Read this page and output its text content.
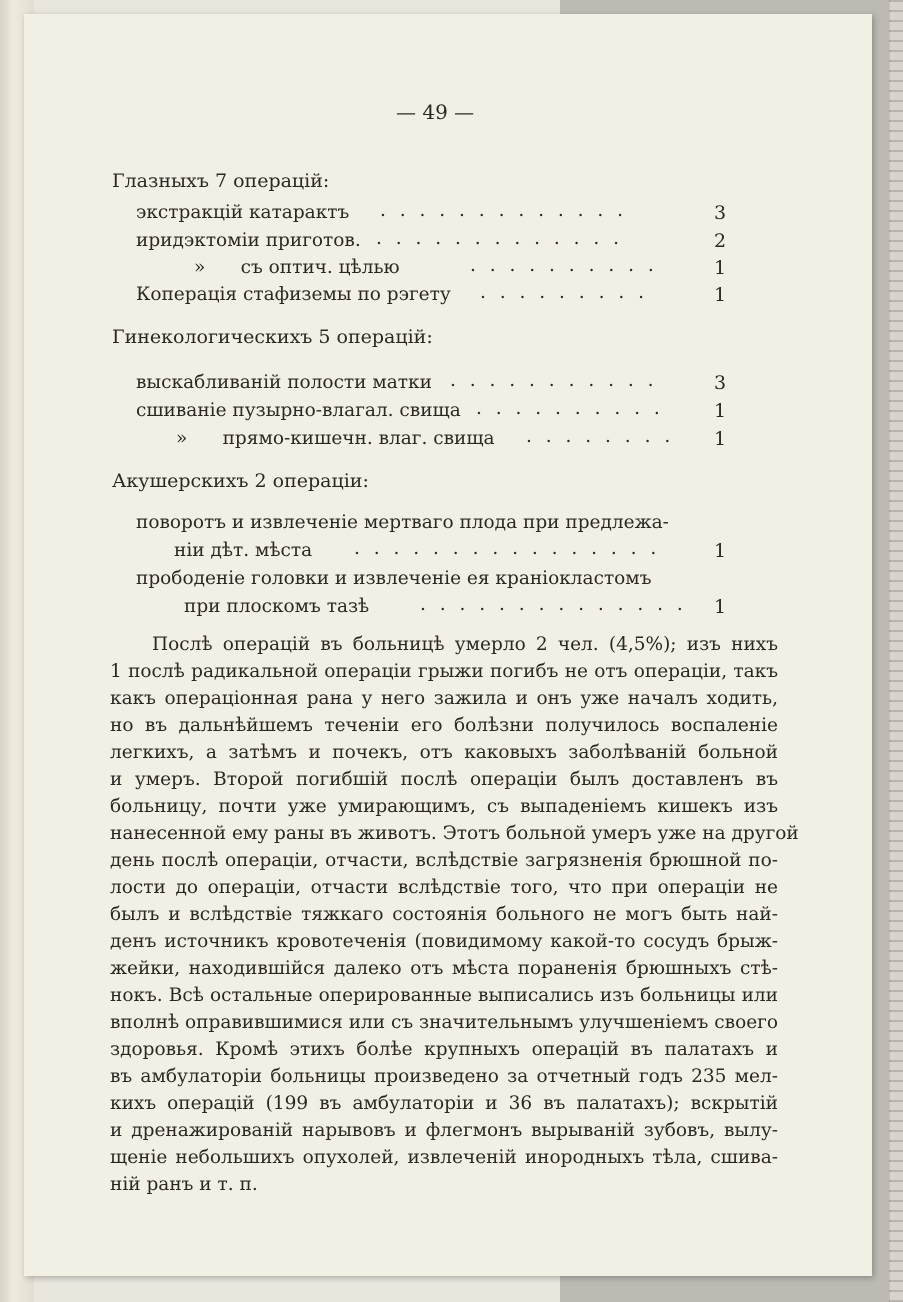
— 49 —
Глазныхъ 7 операцій:
экстракцій катарактъ . . . . . . . . . . . . .	3
иридэктоміи приготов. . . . . . . . . . . . . .	2
»      съ оптич. цѣлью	. . . . . . . . . .	1
Коперація стафиземы по рэгету . . . . . . . . .	1
Гинекологическихъ 5 операцій:
выскабливаній полости матки . . . . . . . . . . .	3
сшиваніе пузырно-влагал. свища . . . . . . . . . .	1
»      прямо-кишечн. влаг. свища . . . . . . . . 1
Акушерскихъ 2 операціи:
поворотъ и извлеченіе мертваго плода при предлежа-
ніи дѣт. мѣста . . . . . . . . . . . . . . . .	1
прободеніе головки и извлеченіе ея краніокластомъ
при плоскомъ тазѣ	. . . . . . . . . . . . . . 1
Послѣ операцій въ больницѣ умерло 2 чел. (4,5%); изъ нихъ
1 послѣ радикальной операціи грыжи погибъ не отъ операціи, такъ
какъ операціонная рана у него зажила и онъ уже началъ ходить,
но въ дальнѣйшемъ теченіи его болѣзни получилось воспаленіе
легкихъ, а затѣмъ и почекъ, отъ каковыхъ заболѣваній больной
и умеръ. Второй погибшій послѣ операціи былъ доставленъ въ
больницу, почти уже умирающимъ, съ выпаденіемъ кишекъ изъ
нанесенной ему раны въ животъ. Этотъ больной умеръ уже на другой
день послѣ операціи, отчасти, вслѣдствіе загрязненія брюшной по-
лости до операціи, отчасти вслѣдствіе того, что при операціи не
былъ и вслѣдствіе тяжкаго состоянія больного не могъ быть най-
денъ источникъ кровотеченія (повидимому какой-то сосудъ брыж-
жейки, находившійся далеко отъ мѣста пораненія брюшныхъ стѣ-
нокъ. Всѣ остальные оперированные выписались изъ больницы или
вполнѣ оправившимися или съ значительнымъ улучшеніемъ своего
здоровья. Кромѣ этихъ болѣе крупныхъ операцій въ палатахъ и
въ амбулаторіи больницы произведено за отчетный годъ 235 мел-
кихъ операцій (199 въ амбулаторіи и 36 въ палатахъ); вскрытій
и дренажированій нарывовъ и флегмонъ вырываній зубовъ, вылу-
щеніе небольшихъ опухолей, извлеченій инородныхъ тѣла, сшива-
ній ранъ и т. п.
